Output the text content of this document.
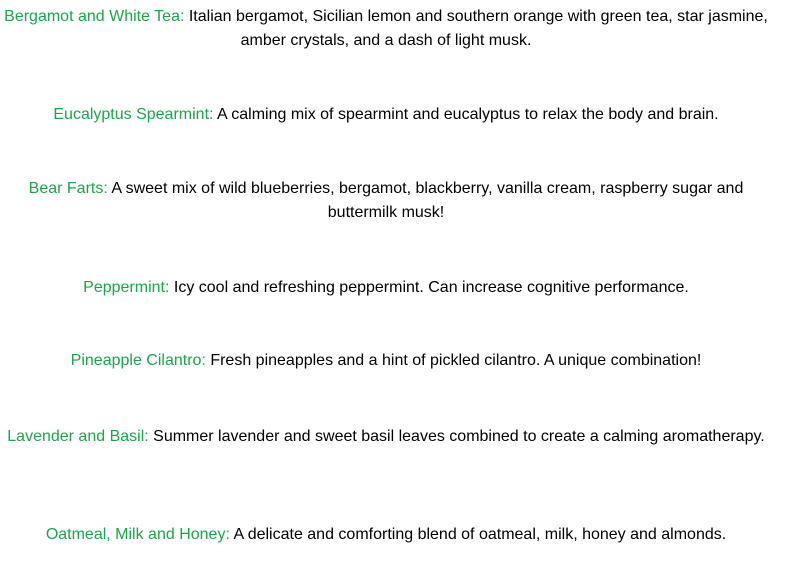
Bergamot and White Tea: Italian bergamot, Sicilian lemon and southern orange with green tea, star jasmine, amber crystals, and a dash of light musk.

Eucalyptus Spearmint: A calming mix of spearmint and eucalyptus to relax the body and brain.

Bear Farts: A sweet mix of wild blueberries, bergamot, blackberry, vanilla cream, raspberry sugar and buttermilk musk!

Peppermint: Icy cool and refreshing peppermint. Can increase cognitive performance.

Pineapple Cilantro: Fresh pineapples and a hint of pickled cilantro. A unique combination!

Lavender and Basil: Summer lavender and sweet basil leaves combined to create a calming aromatherapy.

Oatmeal, Milk and Honey: A delicate and comforting blend of oatmeal, milk, honey and almonds.
